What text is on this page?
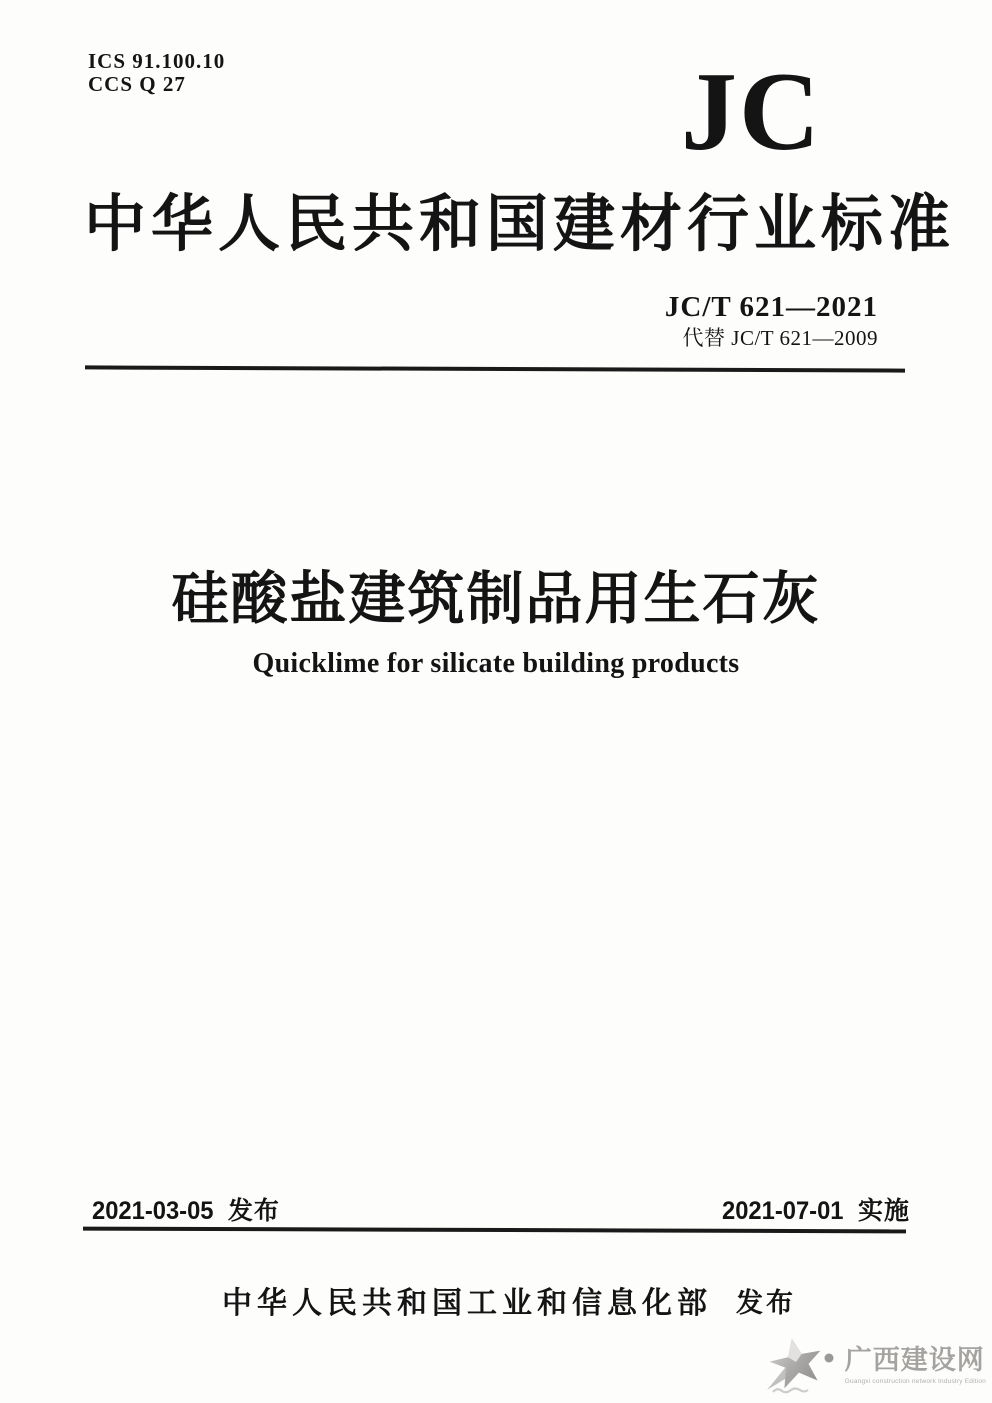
ICS 91.100.10
CCS Q 27	JC
中华人民共和国建材行业标准
JC/T 621—2021
代替 JC/T 621—2009
硅酸盐建筑制品用生石灰
Quicklime for silicate building products
2021-03-05 发布	2021-07-01 实施
中华人民共和国工业和信息化部 发布
广西建设网
Guangxi construction network Industry Edition
